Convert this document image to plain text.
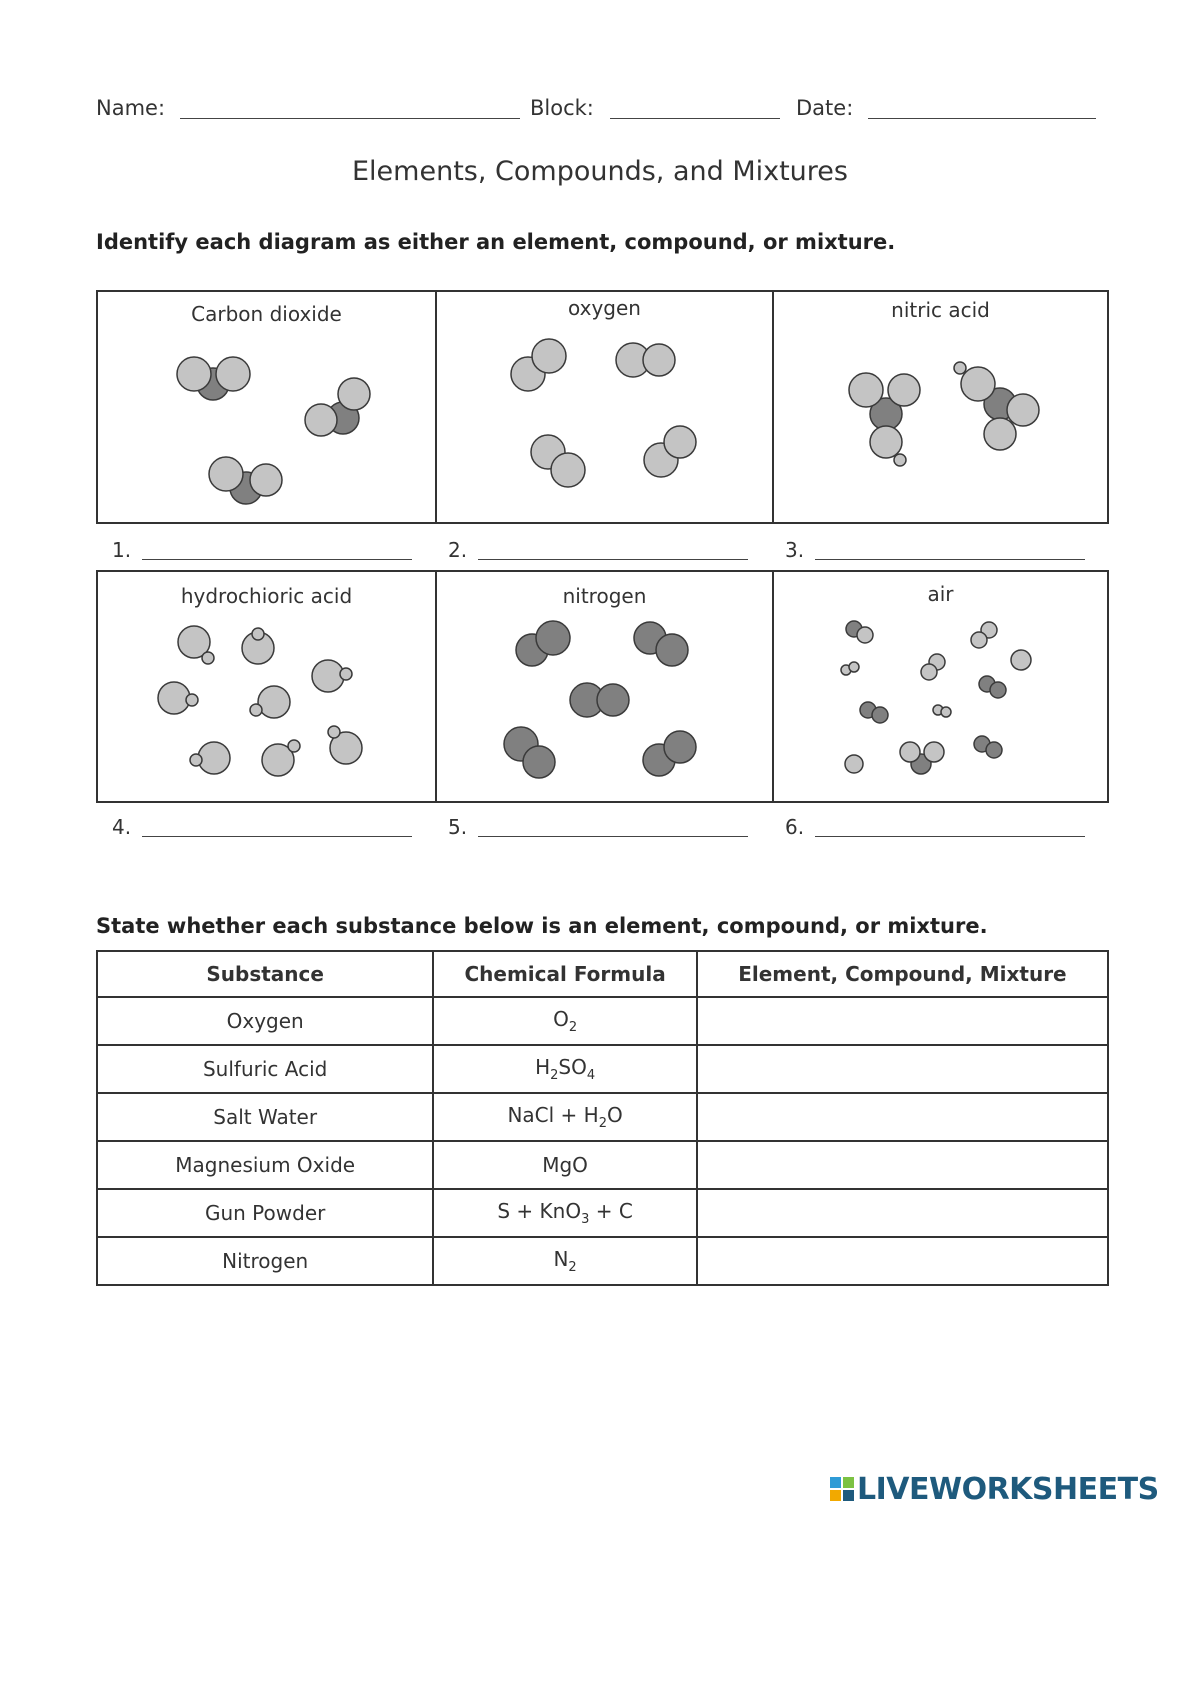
Name:	Block:	Date:
Elements, Compounds, and Mixtures
Identify each diagram as either an element, compound, or mixture.
Carbon dioxide	oxygen	nitric acid
1.	2.	3.
hydrochioric acid	nitrogen	air
4.	5.	6.
State whether each substance below is an element, compound, or mixture.
Substance	Chemical Formula	Element, Compound, Mixture
Oxygen	$O_2$	
Sulfuric Acid	$H_2SO_4$	
Salt Water	NaCl + $H_2O$	
Magnesium Oxide	MgO	
Gun Powder	S + KnO$_3$ + C	
Nitrogen	$N_2$	
LIVEWORKSHEETS
